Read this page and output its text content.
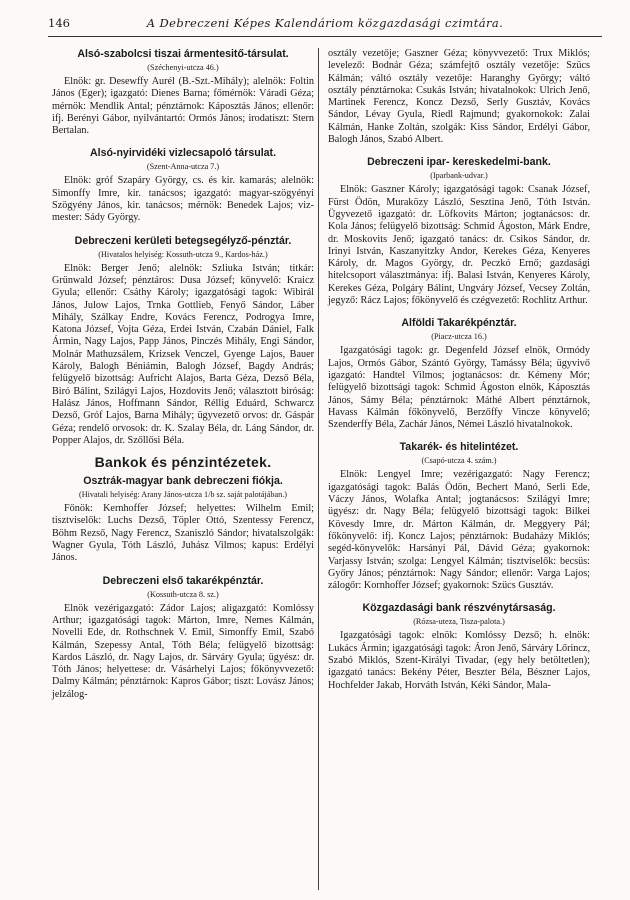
146	A Debreczeni Képes Kalendáriom közgazdasági czimtára.

Alsó-szabolcsi tiszai ármentesitő-társulat.

(Széchenyi-utcza 46.)

Elnök: gr. Desewffy Aurél (B.-Szt.-Mihály); alelnök: Foltin János (Eger); igazgató: Dienes Barna; főmérnök: Váradi Géza; mérnök: Mendlik Antal; pénztárnok: Káposztás János; ellenőr: ifj. Berényi Gábor, nyilvántartó: Ormós János; irodatiszt: Stern Bertalan.

Alsó-nyirvidéki vizlecsapoló társulat.

(Szent-Anna-utcza 7.)

Elnök: gróf Szapáry György, cs. és kir. kamarás; alelnök: Simonffy Imre, kir. tanácsos; igazgató: magyar-szögyényi Szögyény János, kir. tanácsos; mérnök: Benedek Lajos; viz-mester: Sády György.

Debreczeni kerületi betegsegélyző-pénztár.

(Hivatalos helyiség: Kossuth-utcza 9., Kardos-ház.)

Elnök: Berger Jenő; alelnök: Szliuka István; titkár: Grünwald József; pénztáros: Dusa József; könyvelő: Kraicz Gyula; ellenőr: Csáthy Károly; igazgatósági tagok: Wibirál János, Julow Lajos, Trnka Gottlieb, Fenyő Sándor, Láber Mihály, Szálkay Endre, Kovács Ferencz, Podrogya Imre, Katona József, Vojta Géza, Erdei István, Czabán Dániel, Falk Ármin, Nagy Lajos, Papp János, Pinczés Mihály, Engi Sándor, Molnár Mathuzsálem, Krizsek Venczel, Gyenge Lajos, Bauer Károly, Balogh Béniámin, Balogh József, Bagdy András; felügyelő bizottság: Aufricht Alajos, Barta Géza, Dezső Béla, Biró Bálint, Szilágyi Lajos, Hozdovits Jenő; választott biróság: Halász János, Hoffmann Sándor, Réllig Eduárd, Schwarcz Dezső, Gróf Lajos, Barna Mihály; ügyvezető orvos: dr. Gáspár Géza; rendelő orvosok: dr. K. Szalay Béla, dr. Láng Sándor, dr. Popper Alajos, dr. Szőllősi Béla.

Bankok és pénzintézetek.

Osztrák-magyar bank debreczeni fiókja.

(Hivatali helyiség: Arany János-utcza 1/b sz. saját palotájában.)

Főnök: Kernhoffer József; helyettes: Wilhelm Emil; tisztviselők: Luchs Dezső, Töpler Ottó, Szentessy Ferencz, Böhm Rezső, Nagy Ferencz, Szaniszló Sándor; hivatalszolgák: Wagner Gyula, Tóth László, Juhász Vilmos; kapus: Erdélyi János.

Debreczeni első takarékpénztár.

(Kossuth-utcza 8. sz.)

Elnök vezérigazgató: Zádor Lajos; aligazgató: Komlóssy Arthur; igazgatósági tagok: Márton, Imre, Nemes Kálmán, Novelli Ede, dr. Rothschnek V. Emil, Simonffy Emil, Szabó Kálmán, Szepessy Antal, Tóth Béla; felügyelő bizottság: Kardos László, dr. Nagy Lajos, dr. Sárváry Gyula; ügyész: dr. Tóth János; helyettese: dr. Vásárhelyi Lajos; főkönyvvezető: Dalmy Kálmán; pénztárnok: Kapros Gábor; tiszt: Lovász János; jelzálog-

osztály vezetője; Gaszner Géza; könyvvezető: Trux Miklós; levelező: Bodnár Géza; számfejtő osztály vezetője: Szücs Kálmán; váltó osztály vezetője: Haranghy György; váltó osztály pénztárnoka: Csukás István; hivatalnokok: Ulrich Jenő, Martinek Ferencz, Koncz Dezső, Serly Gusztáv, Kovács Sándor, Lévay Gyula, Riedl Rajmund; gyakornokok: Zalai Kálmán, Hanke Zoltán, szolgák: Kiss Sándor, Erdélyi Gábor, Balogh János, Szabó Albert.

Debreczeni ipar- kereskedelmi-bank.

(Iparbank-udvar.)

Elnök: Gaszner Károly; igazgatósági tagok: Csanak József, Fürst Ödön, Muraközy László, Sesztina Jenő, Tóth István. Ügyvezető igazgató: dr. Löfkovits Márton; jogtanácsos: dr. Kola János; felügyelő bizottság: Schmid Ágoston, Márk Endre, dr. Moskovits Jenő; igazgató tanács: dr. Csikos Sándor, dr. Irinyi István, Kaszanyitzky Andor, Kerekes Géza, Kenyeres Károly, dr. Magos György, dr. Peczkó Ernő; gazdasági hitelcsoport választmánya: ifj. Balasi István, Kenyeres Károly, Kerekes Géza, Polgáry Bálint, Ungváry József, Vecsey Zoltán, jegyző: Rácz Lajos; főkönyvelő és czégvezető: Rochlitz Arthur.

Alföldi Takarékpénztár.

(Piacz-utcza 16.)

Igazgatósági tagok: gr. Degenfeld József elnök, Ormódy Lajos, Ormós Gábor, Szántó György, Tamássy Béla; ügyvivő igazgató: Handtel Vilmos; jogtanácsos: dr. Kémeny Mór; felügyelő bizottsági tagok: Schmid Ágoston elnök, Káposztás János, Sámy Béla; pénztárnok: Máthé Albert pénztárnok, Havass Kálmán főkönyvelő, Berzőffy Vincze könyvelő; Szenderffy Béla, Zachár János, Némei László hivatalnokok.

Takarék- és hitelintézet.

(Csapó-utcza 4. szám.)

Elnök: Lengyel Imre; vezérigazgató: Nagy Ferencz; igazgatósági tagok: Balás Ödön, Bechert Manó, Serli Ede, Váczy János, Wolafka Antal; jogtanácsos: Szilágyi Imre; ügyész: dr. Nagy Béla; felügyelő bizottsági tagok: Bilkei Kövesdy Imre, dr. Márton Kálmán, dr. Meggyery Pál; főkönyvelő: ifj. Koncz Lajos; pénztárnok: Budaházy Miklós; segéd-könyvelők: Harsányi Pál, Dávid Géza; gyakornok: Varjassy István; szolga: Lengyel Kálmán; tisztviselők: becsüs: Győry János; pénztárnok: Nagy Sándor; ellenőr: Varga Lajos; zálogőr: Kornhoffer József; gyakornok: Szücs Gusztáv.

Közgazdasági bank részvénytársaság.

(Rózsa-uteza, Tisza-palota.)

Igazgatósági tagok: elnök: Komlóssy Dezső; h. elnök: Lukács Ármin; igazgatósági tagok: Áron Jenő, Sárváry Lőrincz, Szabó Miklós, Szent-Királyi Tivadar, (egy hely betöltetlen); igazgató tanács: Bekény Péter, Beszter Béla, Bészner Lajos, Hochfelder Jakab, Horváth István, Kéki Sándor, Mala-
